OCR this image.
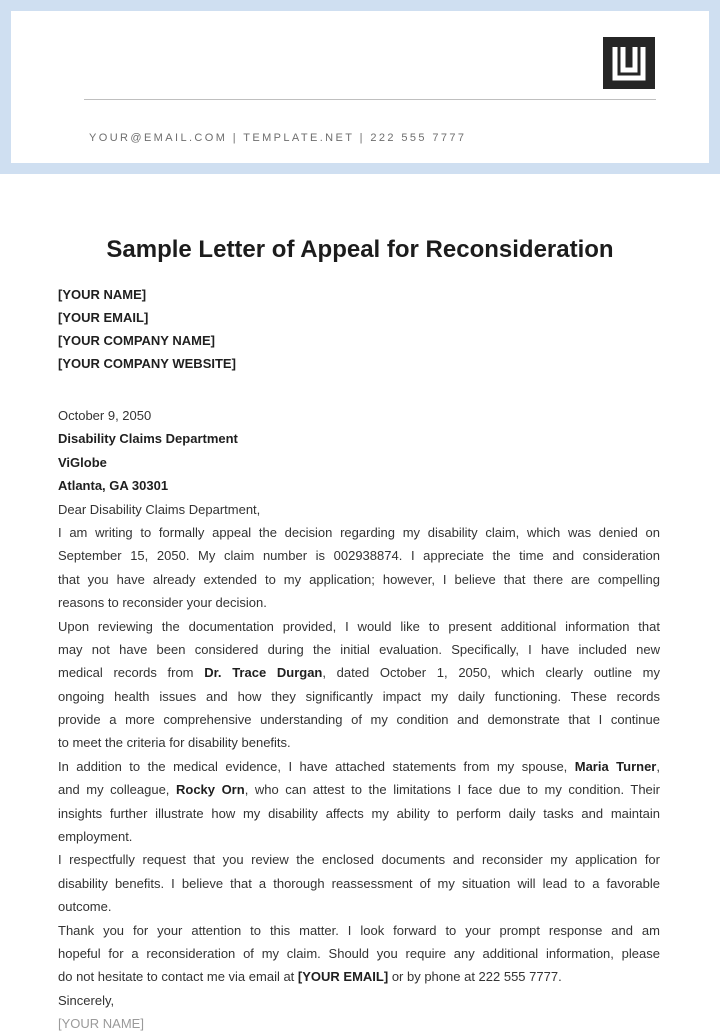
YOUR@EMAIL.COM | TEMPLATE.NET | 222 555 7777
Sample Letter of Appeal for Reconsideration
[YOUR NAME]
[YOUR EMAIL]
[YOUR COMPANY NAME]
[YOUR COMPANY WEBSITE]
October 9, 2050
Disability Claims Department
ViGlobe
Atlanta, GA 30301
Dear Disability Claims Department,
I am writing to formally appeal the decision regarding my disability claim, which was denied on
September 15, 2050. My claim number is 002938874. I appreciate the time and consideration
that you have already extended to my application; however, I believe that there are compelling
reasons to reconsider your decision.
Upon reviewing the documentation provided, I would like to present additional information that
may not have been considered during the initial evaluation. Specifically, I have included new
medical records from Dr. Trace Durgan, dated October 1, 2050, which clearly outline my
ongoing health issues and how they significantly impact my daily functioning. These records
provide a more comprehensive understanding of my condition and demonstrate that I continue
to meet the criteria for disability benefits.
In addition to the medical evidence, I have attached statements from my spouse, Maria Turner,
and my colleague, Rocky Orn, who can attest to the limitations I face due to my condition. Their
insights further illustrate how my disability affects my ability to perform daily tasks and maintain
employment.
I respectfully request that you review the enclosed documents and reconsider my application for
disability benefits. I believe that a thorough reassessment of my situation will lead to a favorable
outcome.
Thank you for your attention to this matter. I look forward to your prompt response and am
hopeful for a reconsideration of my claim. Should you require any additional information, please
do not hesitate to contact me via email at [YOUR EMAIL] or by phone at 222 555 7777.
Sincerely,
[YOUR NAME]
